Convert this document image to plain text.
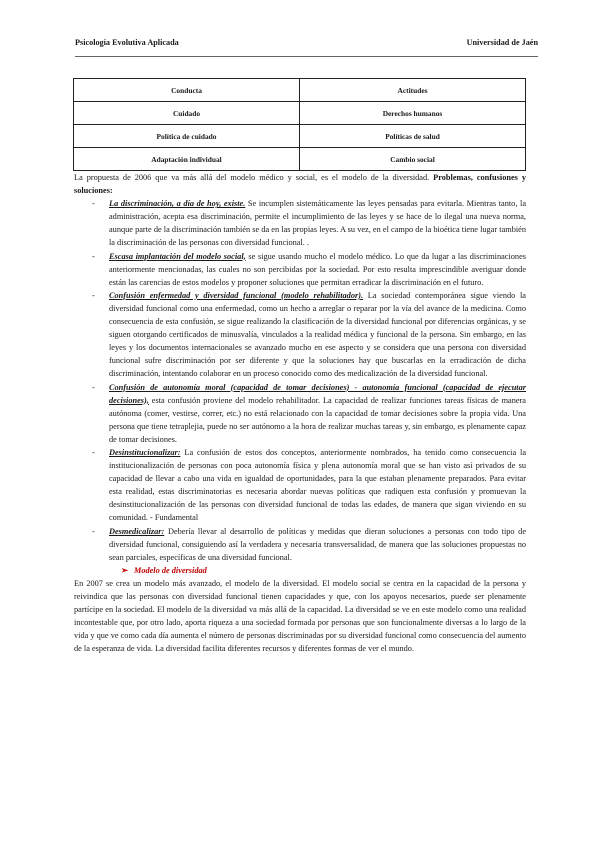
Psicología Evolutiva Aplicada	Universidad de Jaén
Conducta	Actitudes
Cuidado	Derechos humanos
Política de cuidado	Políticas de salud
Adaptación individual	Cambio social

La propuesta de 2006 que va más allá del modelo médico y social, es el modelo de la diversidad. Problemas, confusiones y soluciones:

- La discriminación, a día de hoy, existe. Se incumplen sistemáticamente las leyes pensadas para evitarla. Mientras tanto, la administración, acepta esa discriminación, permite el incumplimiento de las leyes y se hace de lo ilegal una nueva norma, aunque parte de la discriminación también se da en las propias leyes. A su vez, en el campo de la bioética tiene lugar también la discriminación de las personas con diversidad funcional. .
- Escasa implantación del modelo social, se sigue usando mucho el modelo médico. Lo que da lugar a las discriminaciones anteriormente mencionadas, las cuales no son percibidas por la sociedad. Por esto resulta imprescindible averiguar donde están las carencias de estos modelos y proponer soluciones que permitan erradicar la discriminación en el futuro.
- Confusión enfermedad y diversidad funcional (modelo rehabilitador). La sociedad contemporánea sigue viendo la diversidad funcional como una enfermedad, como un hecho a arreglar o reparar por la vía del avance de la medicina. Como consecuencia de esta confusión, se sigue realizando la clasificación de la diversidad funcional por diferencias orgánicas, y se siguen otorgando certificados de minusvalía, vinculados a la realidad médica y funcional de la persona. Sin embargo, en las leyes y los documentos internacionales se avanzado mucho en ese aspecto y se considera que una persona con diversidad funcional sufre discriminación por ser diferente y que la soluciones hay que buscarlas en la erradicación de dicha discriminación, intentando colaborar en un proceso conocido como des medicalización de la diversidad funcional.
- Confusión de autonomía moral (capacidad de tomar decisiones) - autonomía funcional (capacidad de ejecutar decisiones), esta confusión proviene del modelo rehabilitador. La capacidad de realizar funciones tareas físicas de manera autónoma (comer, vestirse, correr, etc.) no está relacionado con la capacidad de tomar decisiones sobre la propia vida. Una persona que tiene tetraplejia, puede no ser autónomo a la hora de realizar muchas tareas y, sin embargo, es plenamente capaz de tomar decisiones.
- Desinstitucionalizar: La confusión de estos dos conceptos, anteriormente nombrados, ha tenido como consecuencia la institucionalización de personas con poca autonomía física y plena autonomía moral que se han visto así privados de su capacidad de llevar a cabo una vida en igualdad de oportunidades, para la que estaban plenamente preparados. Para evitar esta realidad, estas discriminatorias es necesaria abordar nuevas políticas que radiquen esta confusión y promuevan la desinstitucionalización de las personas con diversidad funcional de todas las edades, de manera que sigan viviendo en su comunidad. - Fundamental
- Desmedicalizar: Debería llevar al desarrollo de políticas y medidas que dieran soluciones a personas con todo tipo de diversidad funcional, consiguiendo así la verdadera y necesaria transversalidad, de manera que las soluciones propuestas no sean parciales, específicas de una diversidad funcional.
➢ Modelo de diversidad

En 2007 se crea un modelo más avanzado, el modelo de la diversidad. El modelo social se centra en la capacidad de la persona y reivindica que las personas con diversidad funcional tienen capacidades y que, con los apoyos necesarios, puede ser plenamente partícipe en la sociedad. El modelo de la diversidad va más allá de la capacidad. La diversidad se ve en este modelo como una realidad incontestable que, por otro lado, aporta riqueza a una sociedad formada por personas que son funcionalmente diversas a lo largo de la vida y que ve como cada día aumenta el número de personas discriminadas por su diversidad funcional como consecuencia del aumento de la esperanza de vida. La diversidad facilita diferentes recursos y diferentes formas de ver el mundo.
